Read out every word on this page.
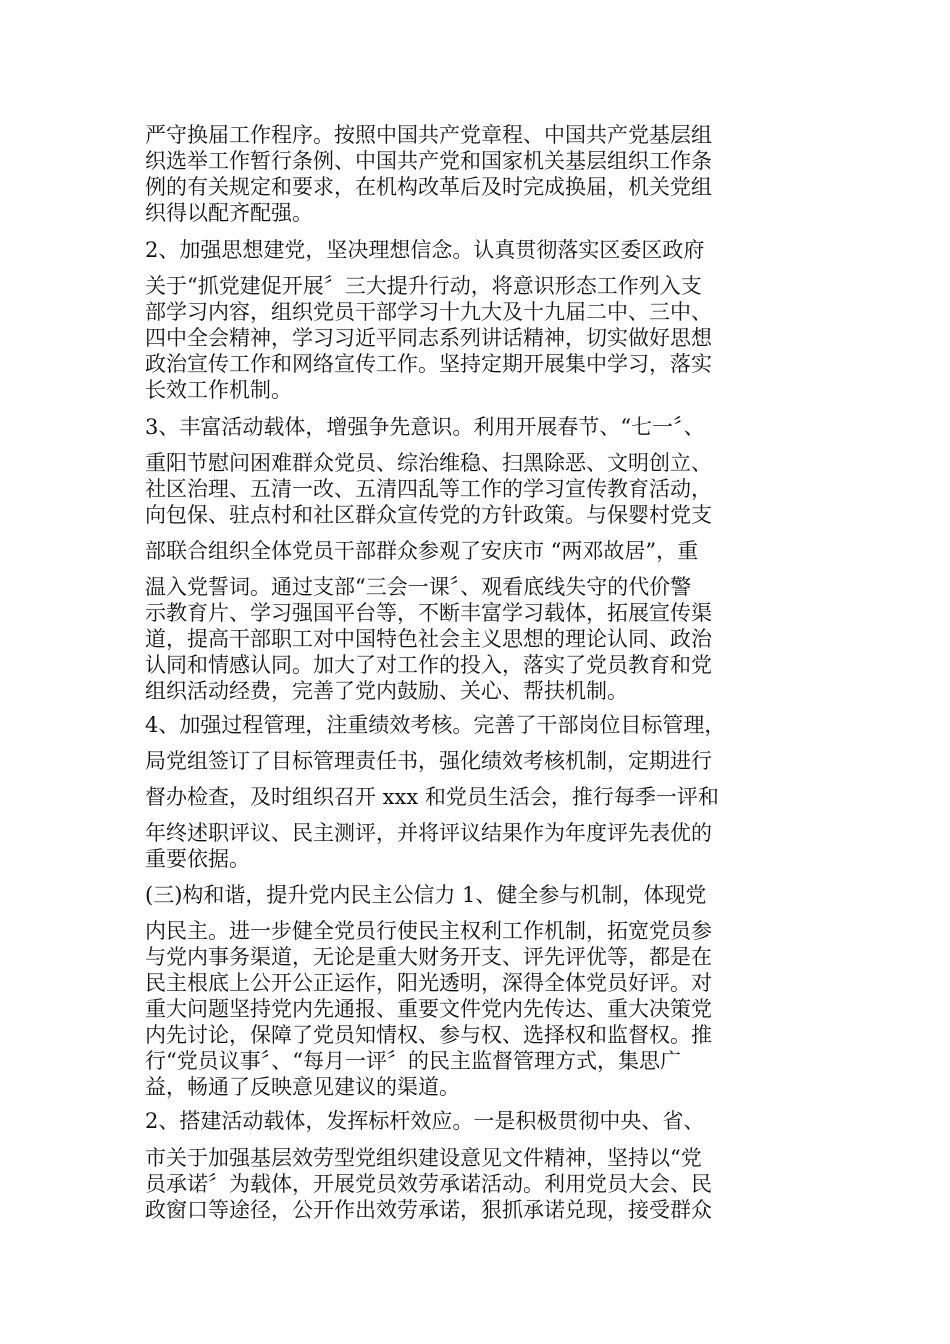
严守换届工作程序。按照中国共产党章程、中国共产党基层组
织选举工作暂行条例、中国共产党和国家机关基层组织工作条
例的有关规定和要求，在机构改革后及时完成换届，机关党组
织得以配齐配强。
2、加强思想建党，坚决理想信念。认真贯彻落实区委区政府
关于“抓党建促开展〞三大提升行动，将意识形态工作列入支
部学习内容，组织党员干部学习十九大及十九届二中、三中、
四中全会精神，学习习近平同志系列讲话精神，切实做好思想
政治宣传工作和网络宣传工作。坚持定期开展集中学习，落实
长效工作机制。
3、丰富活动载体，增强争先意识。利用开展春节、“七一〞、
重阳节慰问困难群众党员、综治维稳、扫黑除恶、文明创立、
社区治理、五清一改、五清四乱等工作的学习宣传教育活动，
向包保、驻点村和社区群众宣传党的方针政策。与保婴村党支
部联合组织全体党员干部群众参观了安庆市 “两邓故居”，重
温入党誓词。通过支部“三会一课〞、观看底线失守的代价警
示教育片、学习强国平台等，不断丰富学习载体，拓展宣传渠
道，提高干部职工对中国特色社会主义思想的理论认同、政治
认同和情感认同。加大了对工作的投入，落实了党员教育和党
组织活动经费，完善了党内鼓励、关心、帮扶机制。
4、加强过程管理，注重绩效考核。完善了干部岗位目标管理，
局党组签订了目标管理责任书，强化绩效考核机制，定期进行
督办检查，及时组织召开 xxx 和党员生活会，推行每季一评和
年终述职评议、民主测评，并将评议结果作为年度评先表优的
重要依据。
(三)构和谐，提升党内民主公信力 1、健全参与机制，体现党
内民主。进一步健全党员行使民主权利工作机制，拓宽党员参
与党内事务渠道，无论是重大财务开支、评先评优等，都是在
民主根底上公开公正运作，阳光透明，深得全体党员好评。对
重大问题坚持党内先通报、重要文件党内先传达、重大决策党
内先讨论，保障了党员知情权、参与权、选择权和监督权。推
行“党员议事〞、“每月一评〞的民主监督管理方式，集思广
益，畅通了反映意见建议的渠道。
2、搭建活动载体，发挥标杆效应。一是积极贯彻中央、省、
市关于加强基层效劳型党组织建设意见文件精神，坚持以“党
员承诺〞为载体，开展党员效劳承诺活动。利用党员大会、民
政窗口等途径，公开作出效劳承诺，狠抓承诺兑现，接受群众
